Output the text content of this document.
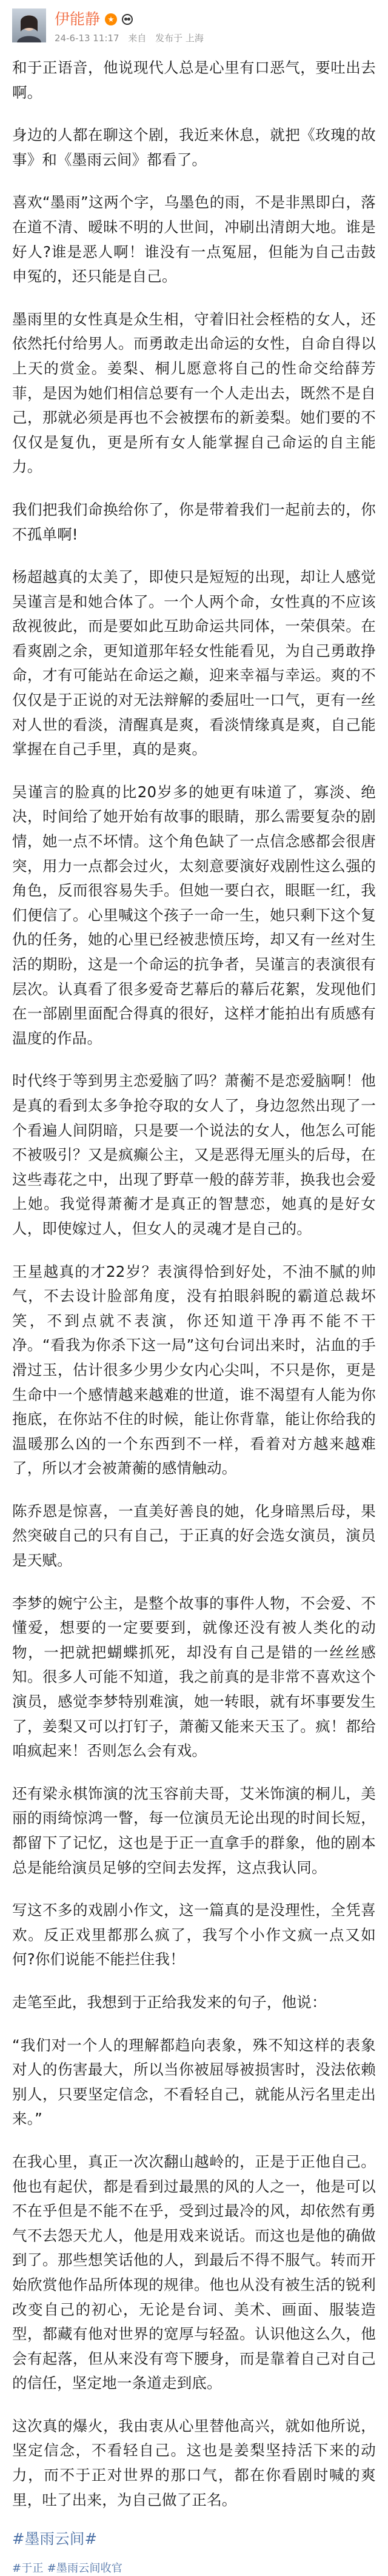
伊能静
24-6-13 11:17 来自 发布于 上海

和于正语音，他说现代人总是心里有口恶气，要吐出去啊。

身边的人都在聊这个剧，我近来休息，就把《玫瑰的故事》和《墨雨云间》都看了。

喜欢“墨雨”这两个字，乌墨色的雨，不是非黑即白，落在道不清、暧昧不明的人世间，冲刷出清朗大地。谁是好人?谁是恶人啊！谁没有一点冤屈，但能为自己击鼓申冤的，还只能是自己。

墨雨里的女性真是众生相，守着旧社会桎梏的女人，还依然托付给男人。而勇敢走出命运的女性，自命自得以上天的赏金。姜梨、桐儿愿意将自己的性命交给薛芳菲，是因为她们相信总要有一个人走出去，既然不是自己，那就必须是再也不会被摆布的新姜梨。她们要的不仅仅是复仇，更是所有女人能掌握自己命运的自主能力。

我们把我们命换给你了，你是带着我们一起前去的，你不孤单啊!

杨超越真的太美了，即使只是短短的出现，却让人感觉吴谨言是和她合体了。一个人两个命，女性真的不应该敌视彼此，而是要如此互助命运共同体，一荣俱荣。在看爽剧之余，更知道那年轻女性能看见，为自己勇敢挣命，才有可能站在命运之巅，迎来幸福与幸运。爽的不仅仅是于正说的对无法辩解的委屈吐一口气，更有一丝对人世的看淡，清醒真是爽，看淡情缘真是爽，自己能掌握在自己手里，真的是爽。

吴谨言的脸真的比20岁多的她更有味道了，寡淡、绝决，时间给了她开始有故事的眼睛，那么需要复杂的剧情，她一点不坏情。这个角色缺了一点信念感都会很唐突，用力一点都会过火，太刻意要演好戏剧性这么强的角色，反而很容易失手。但她一要白衣，眼眶一红，我们便信了。心里喊这个孩子一命一生，她只剩下这个复仇的任务，她的心里已经被悲愤压垮，却又有一丝对生活的期盼，这是一个命运的抗争者，吴谨言的表演很有层次。认真看了很多爱奇艺幕后的幕后花絮，发现他们在一部剧里面配合得真的很好，这样才能拍出有质感有温度的作品。

时代终于等到男主恋爱脑了吗？萧蘅不是恋爱脑啊！他是真的看到太多争抢夺取的女人了，身边忽然出现了一个看遍人间阴暗，只是要一个说法的女人，他怎么可能不被吸引？又是疯癫公主，又是恶得无厘头的后母，在这些毒花之中，出现了野草一般的薛芳菲，换我也会爱上她。我觉得萧蘅才是真正的智慧恋，她真的是好女人，即使嫁过人，但女人的灵魂才是自己的。

王星越真的才22岁？表演得恰到好处，不油不腻的帅气，不去设计脸部角度，没有拍眼斜睨的霸道总裁坏笑，不到点就不表演，你还知道干净再不能不干净。“看我为你杀下这一局”这句台词出来时，沾血的手滑过玉，估计很多少男少女内心尖叫，不只是你，更是生命中一个感情越来越难的世道，谁不渴望有人能为你拖底，在你站不住的时候，能让你背靠，能让你给我的温暖那么凶的一个东西到不一样，看着对方越来越难了，所以才会被萧蘅的感情触动。

陈乔恩是惊喜，一直美好善良的她，化身暗黑后母，果然突破自己的只有自己，于正真的好会选女演员，演员是天赋。

李梦的婉宁公主，是整个故事的事件人物，不会爱、不懂爱，想要的一定要要到，就像还没有被人类化的动物，一把就把蝴蝶抓死，却没有自己是错的一丝丝感知。很多人可能不知道，我之前真的是非常不喜欢这个演员，感觉李梦特别难演，她一转眼，就有坏事要发生了，姜梨又可以打钉子，萧蘅又能来天玉了。疯！都给咱疯起来！否则怎么会有戏。

还有梁永棋饰演的沈玉容前夫哥，艾米饰演的桐儿，美丽的雨绮惊鸿一瞥，每一位演员无论出现的时间长短，都留下了记忆，这也是于正一直拿手的群象，他的剧本总是能给演员足够的空间去发挥，这点我认同。

写这不多的戏剧小作文，这一篇真的是没理性，全凭喜欢。反正戏里都那么疯了，我写个小作文疯一点又如何?你们说能不能拦住我！

走笔至此，我想到于正给我发来的句子，他说：

“我们对一个人的理解都趋向表象，殊不知这样的表象对人的伤害最大，所以当你被屈辱被损害时，没法依赖别人，只要坚定信念，不看轻自己，就能从污名里走出来。”

在我心里，真正一次次翻山越岭的，正是于正他自己。他也有起伏，都是看到过最黑的风的人之一，他是可以不在乎但是不能不在乎，受到过最冷的风，却依然有勇气不去怨天尤人，他是用戏来说话。而这也是他的确做到了。那些想笑话他的人，到最后不得不服气。转而开始欣赏他作品所体现的规律。他也从没有被生活的锐利改变自己的初心，无论是台词、美术、画面、服装造型，都藏有他对世界的宽厚与轻盈。认识他这么久，他会有起落，但从来没有弯下腰身，而是靠着自己对自己的信任，坚定地一条道走到底。

这次真的爆火，我由衷从心里替他高兴，就如他所说，坚定信念，不看轻自己。这也是姜梨坚持活下来的动力，而不于正对世界的那口气，都在你看剧时喊的爽里，吐了出来，为自己做了正名。

#墨雨云间#
#于正 #墨雨云间收官
